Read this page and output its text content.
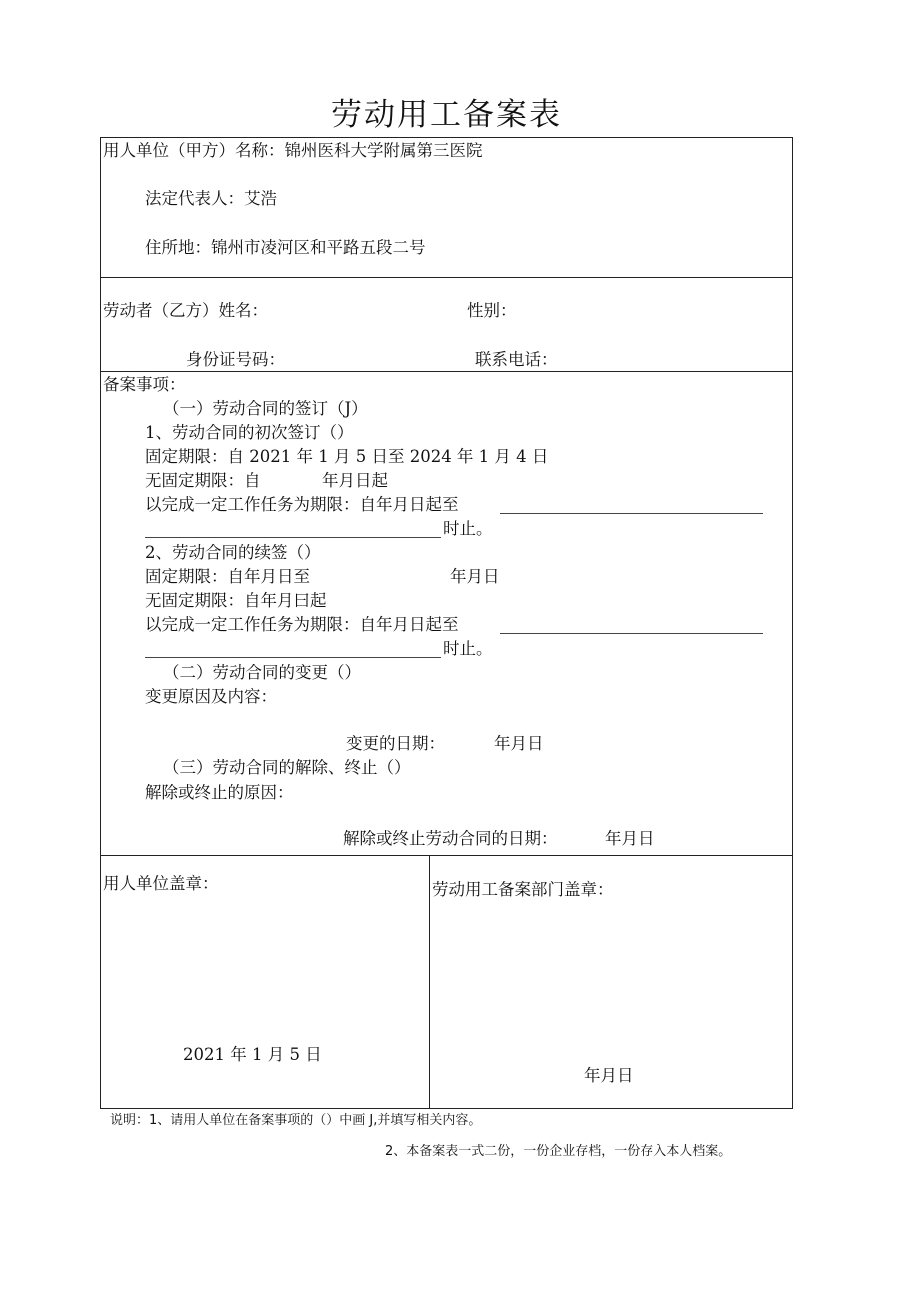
劳动用工备案表
用人单位（甲方）名称：锦州医科大学附属第三医院
法定代表人：艾浩
住所地：锦州市凌河区和平路五段二号
劳动者（乙方）姓名：	性别：
身份证号码：	联系电话：
备案事项：
（一）劳动合同的签订（J）
1、劳动合同的初次签订（）
固定期限：自 2021 年 1 月 5 日至 2024 年 1 月 4 日
无固定期限：自	年月日起
以完成一定工作任务为期限：自年月日起至
时止。
2、劳动合同的续签（）
固定期限：自年月日至	年月日
无固定期限：自年月曰起
以完成一定工作任务为期限：自年月日起至
时止。
（二）劳动合同的变更（）
变更原因及内容：
变更的日期：	年月日
（三）劳动合同的解除、终止（）
解除或终止的原因：
解除或终止劳动合同的日期：	年月日
用人单位盖章：	劳动用工备案部门盖章：
2021 年 1 月 5 日
年月日
说明：1、请用人单位在备案事项的（）中画 J,并填写相关内容。
2、本备案表一式二份，一份企业存档，一份存入本人档案。
